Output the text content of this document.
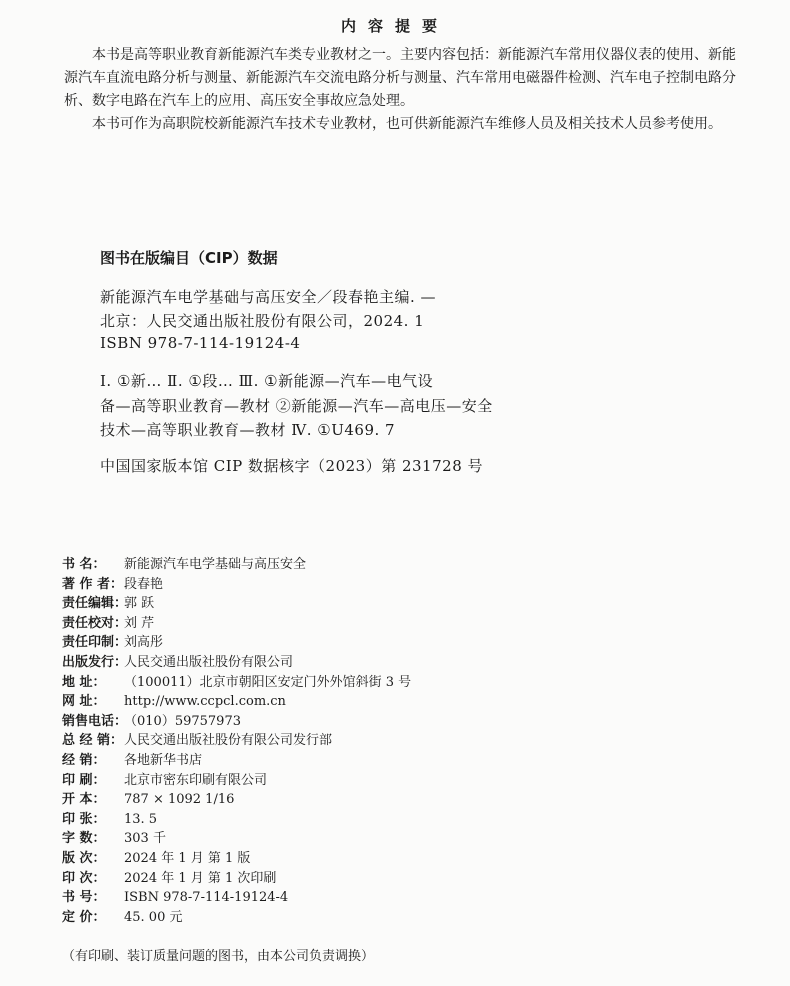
内容提要

本书是高等职业教育新能源汽车类专业教材之一。主要内容包括：新能源汽车常用仪器仪表的使用、新能源汽车直流电路分析与测量、新能源汽车交流电路分析与测量、汽车常用电磁器件检测、汽车电子控制电路分析、数字电路在汽车上的应用、高压安全事故应急处理。

本书可作为高职院校新能源汽车技术专业教材，也可供新能源汽车维修人员及相关技术人员参考使用。

图书在版编目（CIP）数据
新能源汽车电学基础与高压安全／段春艳主编. —
北京：人民交通出版社股份有限公司，2024. 1
ISBN 978-7-114-19124-4
Ⅰ. ①新… Ⅱ. ①段… Ⅲ. ①新能源—汽车—电气设
备—高等职业教育—教材 ②新能源—汽车—高电压—安全
技术—高等职业教育—教材 Ⅳ. ①U469. 7
中国国家版本馆 CIP 数据核字（2023）第 231728 号
书 名：	新能源汽车电学基础与高压安全
著 作 者： 段春艳
责任编辑：
郭 跃
责任校对：
刘 芹
责任印制：
刘高彤
出版发行：
人民交通出版社股份有限公司
地 址：	（100011）北京市朝阳区安定门外外馆斜街 3 号
网 址：	http://www.ccpcl.com.cn
销售电话：
（010）59757973
总 经 销： 人民交通出版社股份有限公司发行部
经 销：	各地新华书店
印 刷：	北京市密东印刷有限公司
开 本：	787 × 1092 1/16
印 张：	13. 5
字 数：	303 千
版 次：	2024 年 1 月 第 1 版
印 次：	2024 年 1 月 第 1 次印刷
书 号：	ISBN 978-7-114-19124-4
定 价：	45. 00 元
（有印刷、装订质量问题的图书，由本公司负责调换）
